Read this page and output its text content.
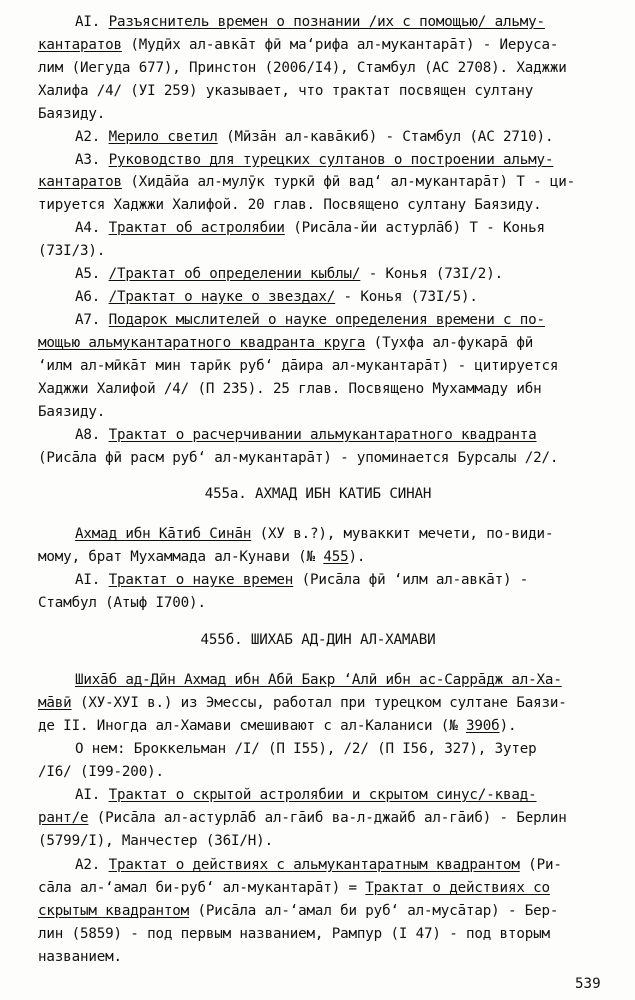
AI. Разъяснитель времен о познании /их с помощью/ альму-
кантаратов (Мудӣх ал-авкāт фӣ ма‘рифа ал-мукантарāт) - Иеруса-
лим (Иегуда 677), Принстон (2006/I4), Стамбул (АС 2708). Хаджжи
Халифа /4/ (УI 259) указывает, что трактат посвящен султану
Баязиду.
A2. Мерило светил (Мӣзāн ал-кавāкиб) - Стамбул (АС 2710).
A3. Руководство для турецких султанов о построении альму-
кантаратов (Хидāйа ал-мулӯк туркӣ фӣ вад‘ ал-мукантарāт) Т - ци-
тируется Хаджжи Халифой. 20 глав. Посвящено султану Баязиду.
A4. Трактат об астролябии (Рисāла-йи астурлāб) Т - Конья
(73I/3).
A5. /Трактат об определении кыблы/ - Конья (73I/2).
A6. /Трактат о науке о звездах/ - Конья (73I/5).
A7. Подарок мыслителей о науке определения времени с по-
мощью альмукантаратного квадранта круга (Тухфа ал-фукарā фӣ
‘илм ал-мӣкāт мин тарӣк руб‘ дāира ал-мукантарāт) - цитируется
Хаджжи Халифой /4/ (П 235). 25 глав. Посвящено Мухаммаду ибн
Баязиду.
A8. Трактат о расчерчивании альмукантаратного квадранта
(Рисāла фӣ расм руб‘ ал-мукантарāт) - упоминается Бурсалы /2/.
455а. АХМАД ИБН КАТИБ СИНАН
Ахмад ибн Кāтиб Синāн (ХУ в.?), муваккит мечети, по-види-
мому, брат Мухаммада ал-Кунави (№ 455).
AI. Трактат о науке времен (Рисāла фӣ ‘илм ал-авкāт) -
Стамбул (Атыф I700).
455б. ШИХАБ АД-ДИН АЛ-ХАМАВИ
Шихāб ад-Дӣн Ахмад ибн Абӣ Бакр ‘Алӣ ибн ас-Саррāдж ал-Ха-
мāвӣ (ХУ-ХУI в.) из Эмессы, работал при турецком султане Баязи-
де II. Иногда ал-Хамави смешивают с ал-Каланиси (№ 390б).
О нем: Броккельман /I/ (П I55), /2/ (П I56, 327), Зутер
/I6/ (I99-200).
AI. Трактат о скрытой астролябии и скрытом синус/-квад-
рант/е (Рисāла ал-астурлāб ал-гāиб ва-л-джайб ал-гāиб) - Берлин
(5799/I), Манчестер (36I/H).
A2. Трактат о действиях с альмукантаратным квадрантом (Ри-
сāла ал-‘амал би-руб‘ ал-мукантарāт) = Трактат о действиях со
скрытым квадрантом (Рисāла ал-‘амал би руб‘ ал-мусāтар) - Бер-
лин (5859) - под первым названием, Рампур (I 47) - под вторым
названием.
539
